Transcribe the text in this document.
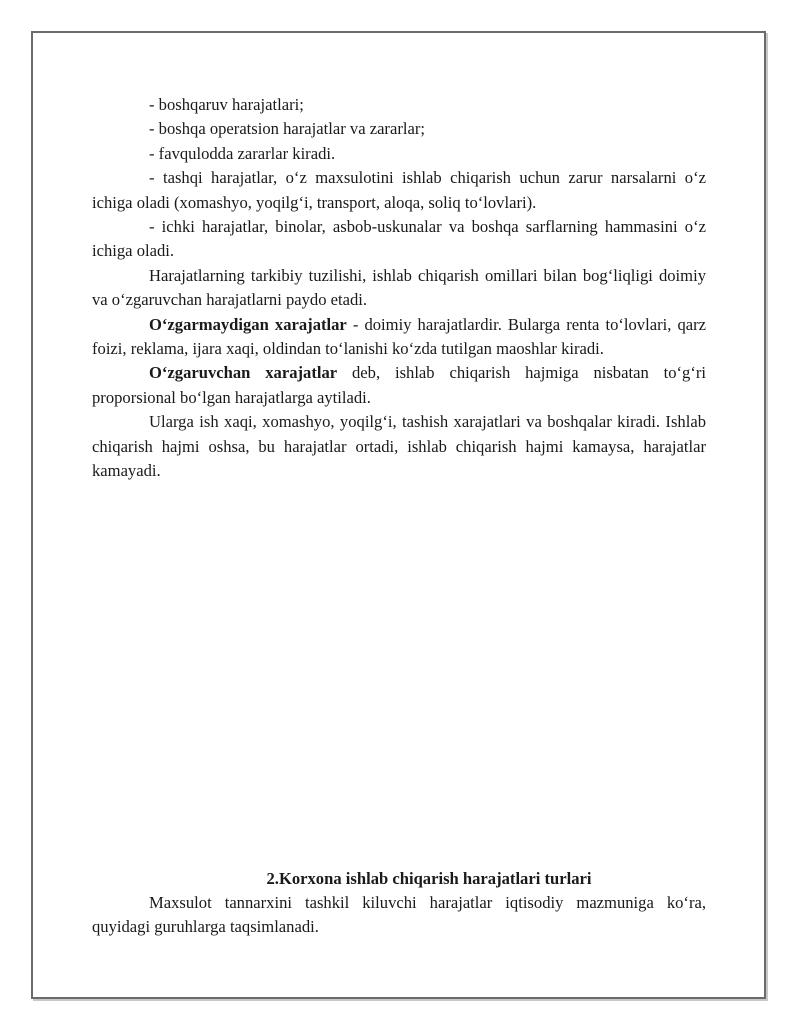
- boshqaruv harajatlari;

- boshqa operatsion harajatlar va zararlar;

- favqulodda zararlar kiradi.

- tashqi harajatlar, o‘z maxsulotini ishlab chiqarish uchun zarur narsalarni o‘z ichiga oladi (xomashyo, yoqilg‘i, transport, aloqa, soliq to‘lovlari).

- ichki harajatlar, binolar, asbob-uskunalar va boshqa sarflarning hammasini o‘z ichiga oladi.

Harajatlarning tarkibiy tuzilishi, ishlab chiqarish omillari bilan bog‘liqligi doimiy va o‘zgaruvchan harajatlarni paydo etadi.

O‘zgarmaydigan xarajatlar - doimiy harajatlardir. Bularga renta to‘lovlari, qarz foizi, reklama, ijara xaqi, oldindan to‘lanishi ko‘zda tutilgan maoshlar kiradi.

O‘zgaruvchan xarajatlar deb, ishlab chiqarish hajmiga nisbatan to‘g‘ri proporsional bo‘lgan harajatlarga aytiladi.

Ularga ish xaqi, xomashyo, yoqilg‘i, tashish xarajatlari va boshqalar kiradi. Ishlab chiqarish hajmi oshsa, bu harajatlar ortadi, ishlab chiqarish hajmi kamaysa, harajatlar kamayadi.

2.Korxona ishlab chiqarish harajatlari turlari

Maxsulot tannarxini tashkil kiluvchi harajatlar iqtisodiy mazmuniga ko‘ra, quyidagi guruhlarga taqsimlanadi.
